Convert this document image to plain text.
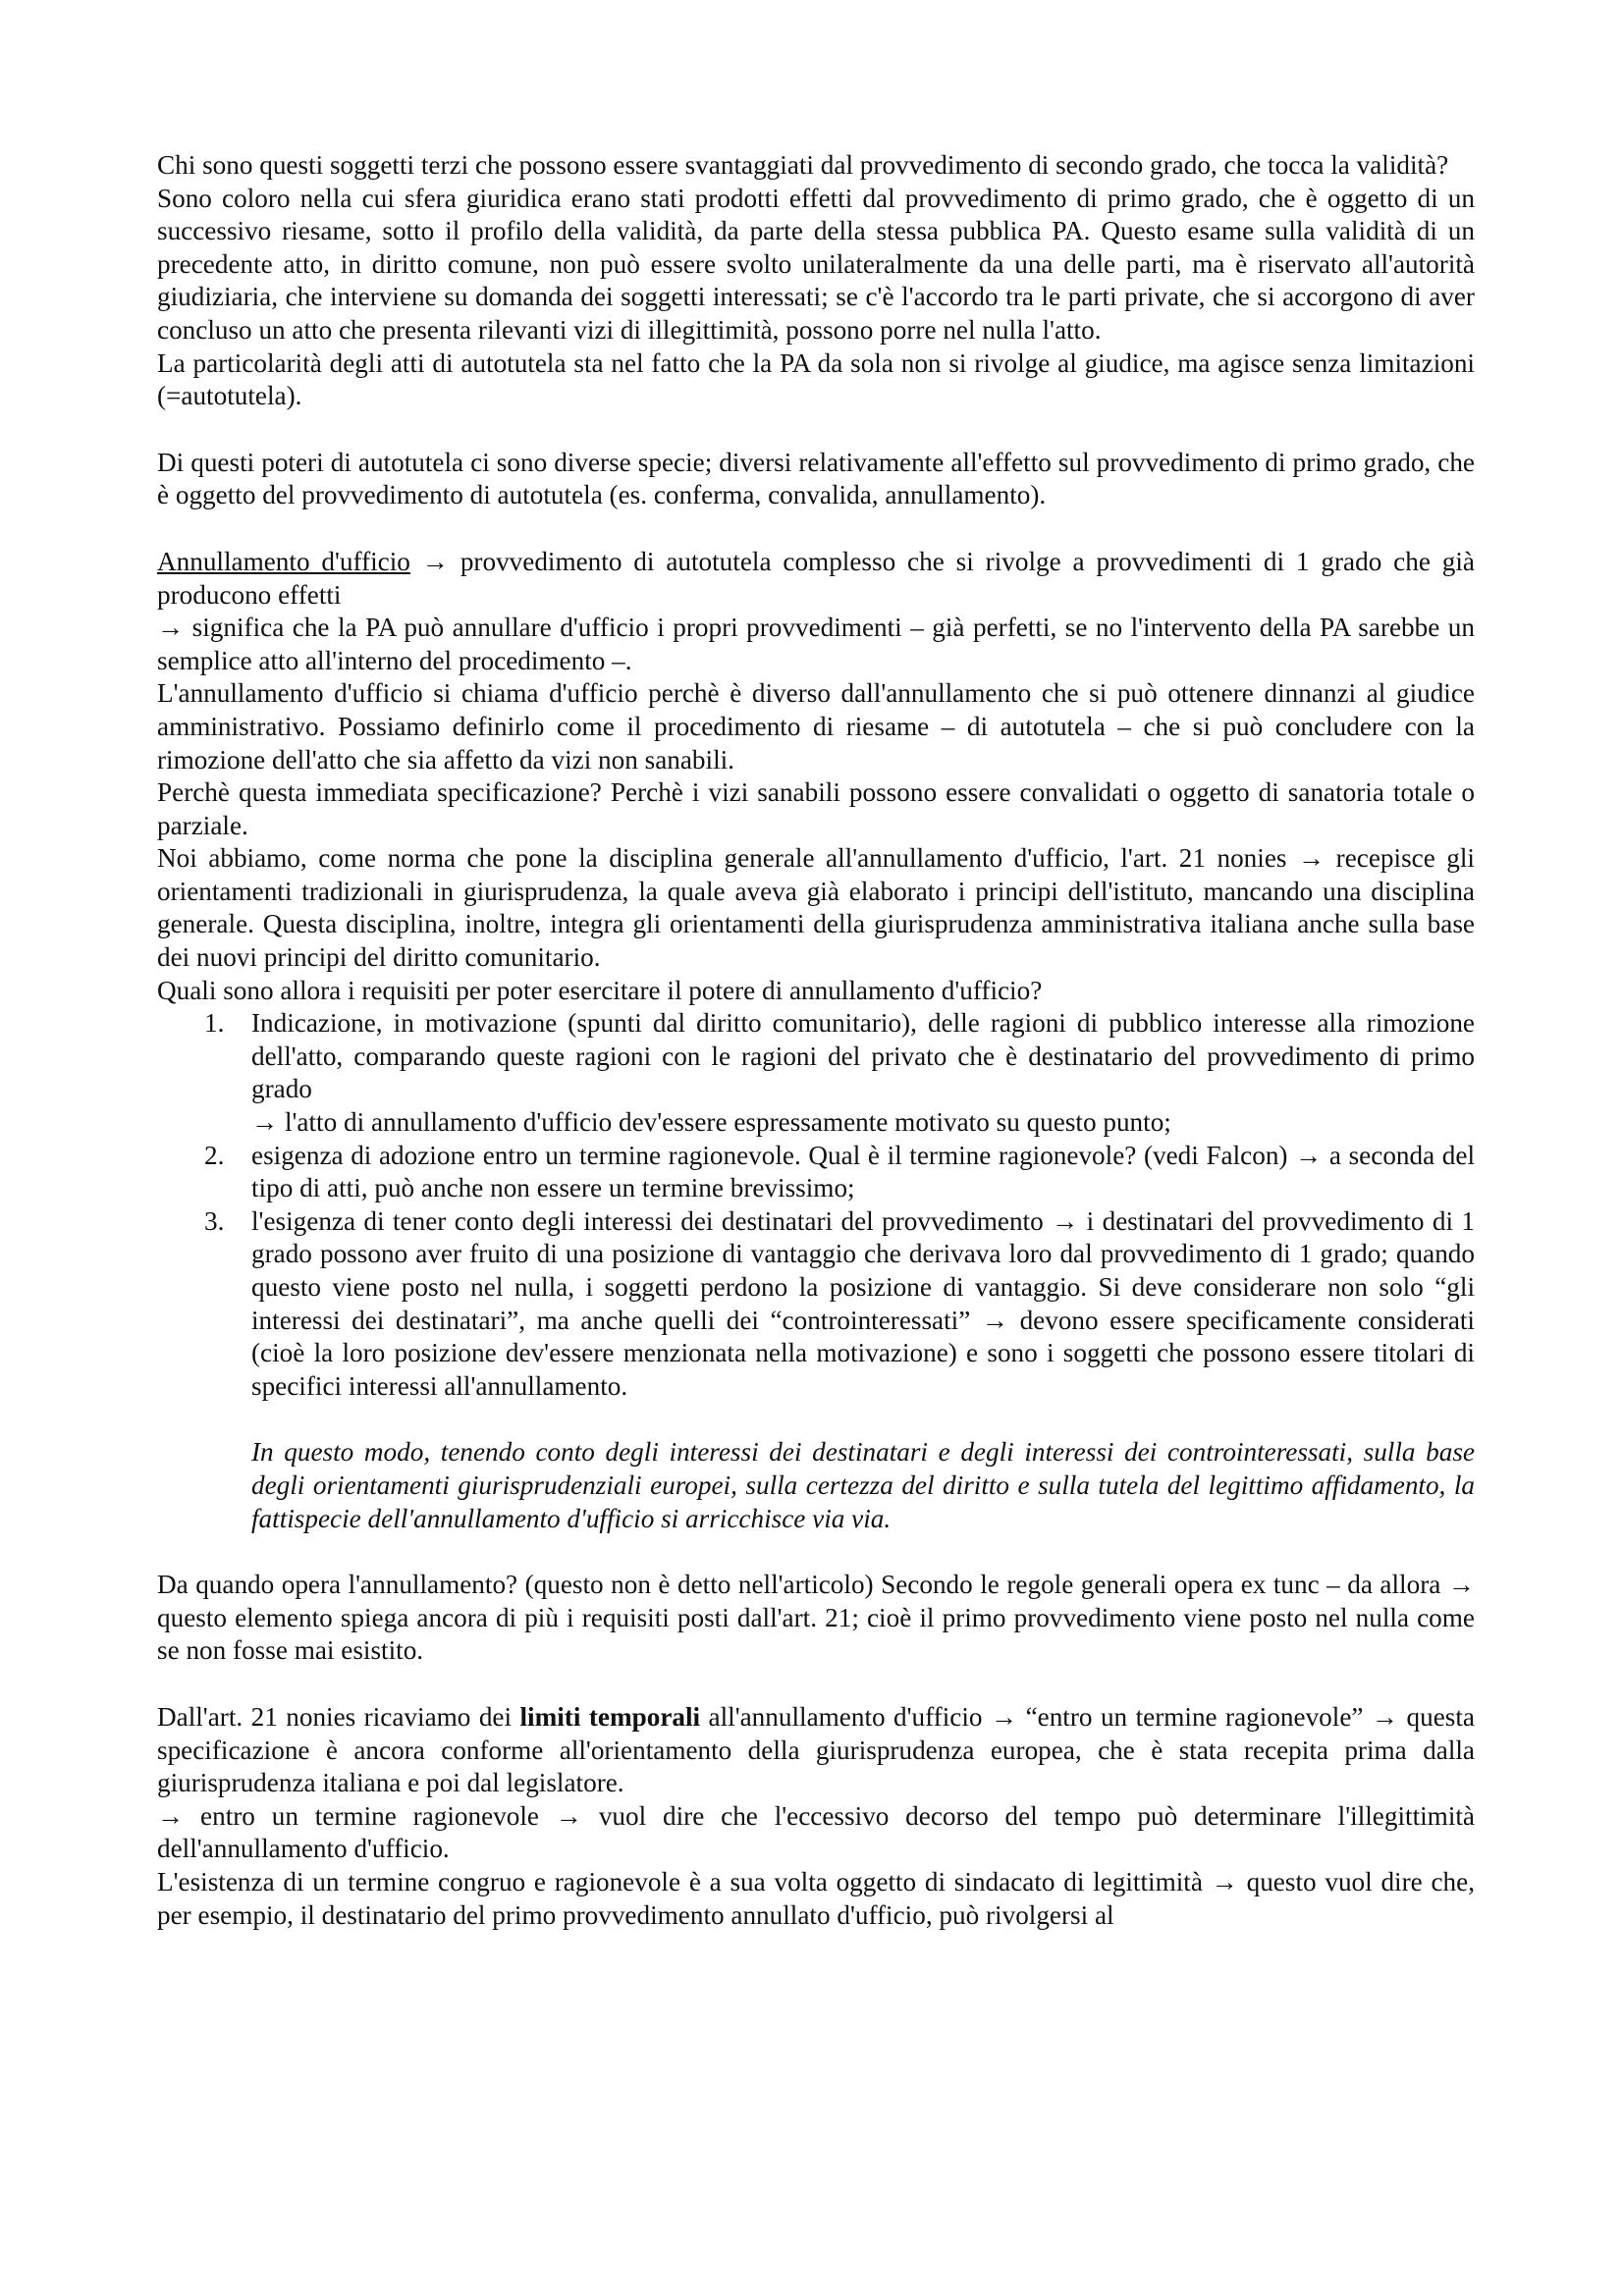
Chi sono questi soggetti terzi che possono essere svantaggiati dal provvedimento di secondo grado, che tocca la validità?

Sono coloro nella cui sfera giuridica erano stati prodotti effetti dal provvedimento di primo grado, che è oggetto di un successivo riesame, sotto il profilo della validità, da parte della stessa pubblica PA. Questo esame sulla validità di un precedente atto, in diritto comune, non può essere svolto unilateralmente da una delle parti, ma è riservato all'autorità giudiziaria, che interviene su domanda dei soggetti interessati; se c'è l'accordo tra le parti private, che si accorgono di aver concluso un atto che presenta rilevanti vizi di illegittimità, possono porre nel nulla l'atto.

La particolarità degli atti di autotutela sta nel fatto che la PA da sola non si rivolge al giudice, ma agisce senza limitazioni (=autotutela).

Di questi poteri di autotutela ci sono diverse specie; diversi relativamente all'effetto sul provvedimento di primo grado, che è oggetto del provvedimento di autotutela (es. conferma, convalida, annullamento).

Annullamento d'ufficio → provvedimento di autotutela complesso che si rivolge a provvedimenti di 1 grado che già producono effetti

→ significa che la PA può annullare d'ufficio i propri provvedimenti – già perfetti, se no l'intervento della PA sarebbe un semplice atto all'interno del procedimento –.

L'annullamento d'ufficio si chiama d'ufficio perchè è diverso dall'annullamento che si può ottenere dinnanzi al giudice amministrativo. Possiamo definirlo come il procedimento di riesame – di autotutela – che si può concludere con la rimozione dell'atto che sia affetto da vizi non sanabili.

Perchè questa immediata specificazione? Perchè i vizi sanabili possono essere convalidati o oggetto di sanatoria totale o parziale.

Noi abbiamo, come norma che pone la disciplina generale all'annullamento d'ufficio, l'art. 21 nonies → recepisce gli orientamenti tradizionali in giurisprudenza, la quale aveva già elaborato i principi dell'istituto, mancando una disciplina generale. Questa disciplina, inoltre, integra gli orientamenti della giurisprudenza amministrativa italiana anche sulla base dei nuovi principi del diritto comunitario.

Quali sono allora i requisiti per poter esercitare il potere di annullamento d'ufficio?

1. Indicazione, in motivazione (spunti dal diritto comunitario), delle ragioni di pubblico interesse alla rimozione dell'atto, comparando queste ragioni con le ragioni del privato che è destinatario del provvedimento di primo grado
→ l'atto di annullamento d'ufficio dev'essere espressamente motivato su questo punto;
2. esigenza di adozione entro un termine ragionevole. Qual è il termine ragionevole? (vedi Falcon) → a seconda del tipo di atti, può anche non essere un termine brevissimo;
3. l'esigenza di tener conto degli interessi dei destinatari del provvedimento → i destinatari del provvedimento di 1 grado possono aver fruito di una posizione di vantaggio che derivava loro dal provvedimento di 1 grado; quando questo viene posto nel nulla, i soggetti perdono la posizione di vantaggio. Si deve considerare non solo “gli interessi dei destinatari”, ma anche quelli dei “controinteressati” → devono essere specificamente considerati (cioè la loro posizione dev'essere menzionata nella motivazione) e sono i soggetti che possono essere titolari di specifici interessi all'annullamento.

In questo modo, tenendo conto degli interessi dei destinatari e degli interessi dei controinteressati, sulla base degli orientamenti giurisprudenziali europei, sulla certezza del diritto e sulla tutela del legittimo affidamento, la fattispecie dell'annullamento d'ufficio si arricchisce via via.

Da quando opera l'annullamento? (questo non è detto nell'articolo) Secondo le regole generali opera ex tunc – da allora → questo elemento spiega ancora di più i requisiti posti dall'art. 21; cioè il primo provvedimento viene posto nel nulla come se non fosse mai esistito.

Dall'art. 21 nonies ricaviamo dei limiti temporali all'annullamento d'ufficio → “entro un termine ragionevole” → questa specificazione è ancora conforme all'orientamento della giurisprudenza europea, che è stata recepita prima dalla giurisprudenza italiana e poi dal legislatore.

→ entro un termine ragionevole → vuol dire che l'eccessivo decorso del tempo può determinare l'illegittimità dell'annullamento d'ufficio.

L'esistenza di un termine congruo e ragionevole è a sua volta oggetto di sindacato di legittimità → questo vuol dire che, per esempio, il destinatario del primo provvedimento annullato d'ufficio, può rivolgersi al
